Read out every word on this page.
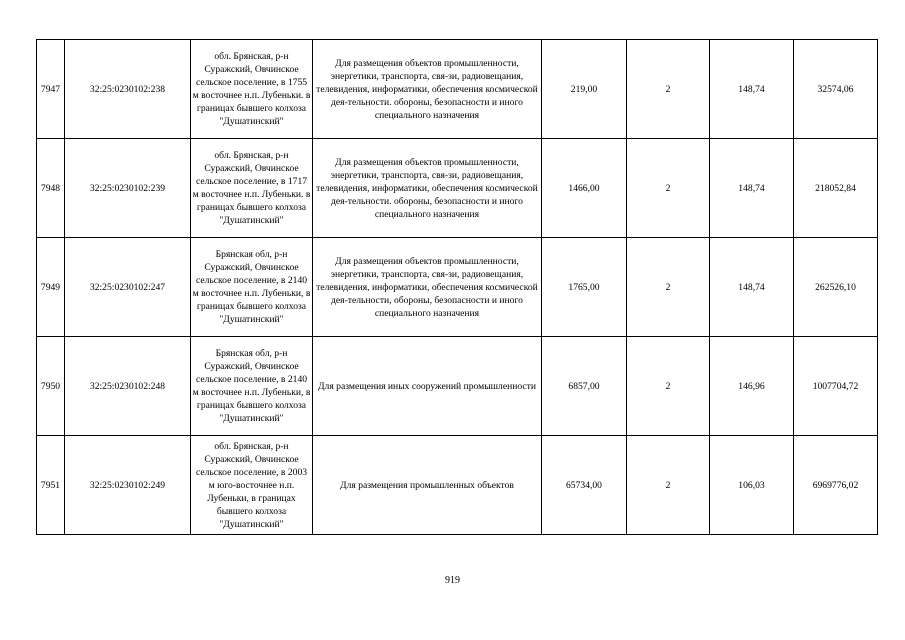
7947	32:25:0230102:238	обл. Брянская, р-н Суражский, Овчинское сельское поселение, в 1755 м восточнее н.п. Лубеньки. в границах бывшего колхоза "Душатинский"	Для размещения объектов промышленности, энергетики, транспорта, свя-зи, радиовещания, телевидения, информатики, обеспечения космической дея-тельности. обороны, безопасности и иного специального назначения	219,00	2	148,74	32574,06
7948	32:25:0230102:239	обл. Брянская, р-н Суражский, Овчинское сельское поселение, в 1717 м восточнее н.п. Лубеньки. в границах бывшего колхоза "Душатинский"	Для размещения объектов промышленности, энергетики, транспорта, свя-зи, радиовещания, телевидения, информатики, обеспечения космической дея-тельности. обороны, безопасности и иного специального назначения	1466,00	2	148,74	218052,84
7949	32:25:0230102:247	Брянская обл, р-н Суражский, Овчинское сельское поселение, в 2140 м восточнее н.п. Лубеньки, в границах бывшего колхоза "Душатинский"	Для размещения объектов промышленности, энергетики, транспорта, свя-зи, радиовещания, телевидения, информатики, обеспечения космической дея-тельности, обороны, безопасности и иного специального назначения	1765,00	2	148,74	262526,10
7950	32:25:0230102:248	Брянская обл, р-н Суражский, Овчинское сельское поселение, в 2140 м восточнее н.п. Лубеньки, в границах бывшего колхоза "Душатинский"	Для размещения иных сооружений промышленности	6857,00	2	146,96	1007704,72
7951	32:25:0230102:249	обл. Брянская, р-н Суражский, Овчинское сельское поселение, в 2003 м юго-восточнее н.п. Лубеньки, в границах бывшего колхоза "Душатинский"	Для размещения промышленных объектов	65734,00	2	106,03	6969776,02
919
